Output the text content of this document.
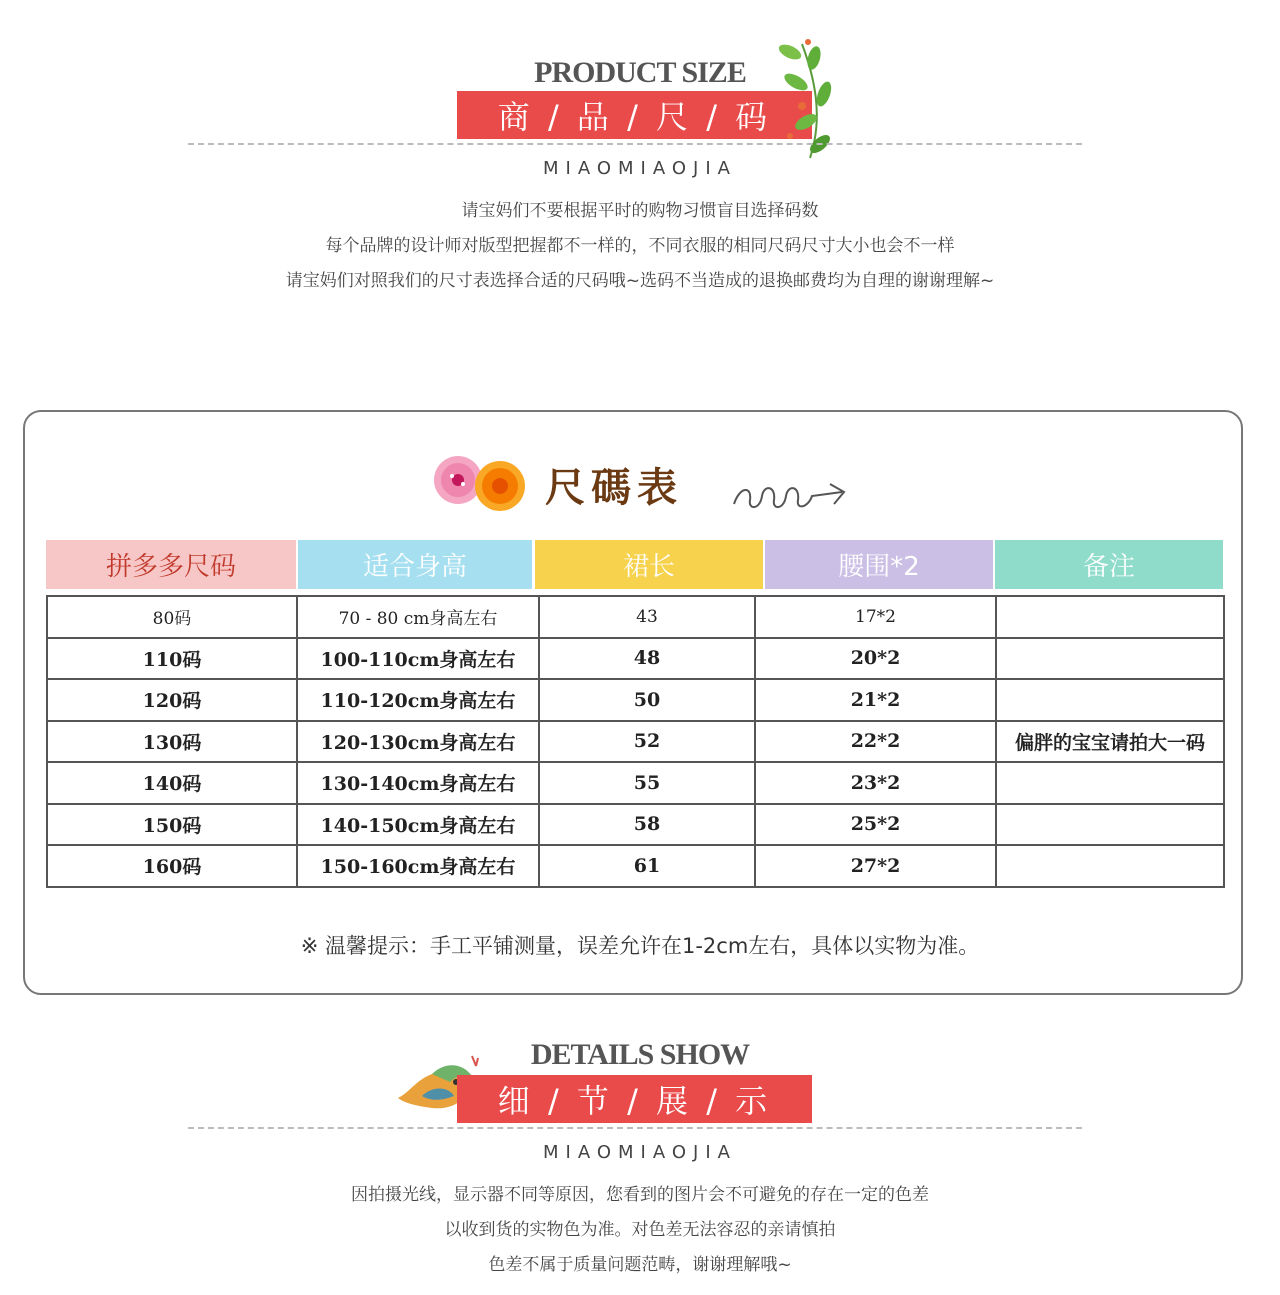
PRODUCT SIZE
商 / 品 / 尺 / 码
MIAOMIAOJIA
请宝妈们不要根据平时的购物习惯盲目选择码数
每个品牌的设计师对版型把握都不一样的，不同衣服的相同尺码尺寸大小也会不一样
请宝妈们对照我们的尺寸表选择合适的尺码哦~选码不当造成的退换邮费均为自理的谢谢理解~
尺碼表
拼多多尺码	适合身高	裙长	腰围*2	备注
80码	70 - 80 cm身高左右	43	17*2	
110码	100-110cm身高左右	48	20*2	
120码	110-120cm身高左右	50	21*2	
130码	120-130cm身高左右	52	22*2	偏胖的宝宝请拍大一码
140码	130-140cm身高左右	55	23*2	
150码	140-150cm身高左右	58	25*2	
160码	150-160cm身高左右	61	27*2	
※ 温馨提示：手工平铺测量，误差允许在1-2cm左右，具体以实物为准。
DETAILS SHOW
细 / 节 / 展 / 示
MIAOMIAOJIA
因拍摄光线，显示器不同等原因，您看到的图片会不可避免的存在一定的色差
以收到货的实物色为准。对色差无法容忍的亲请慎拍
色差不属于质量问题范畴，谢谢理解哦~
